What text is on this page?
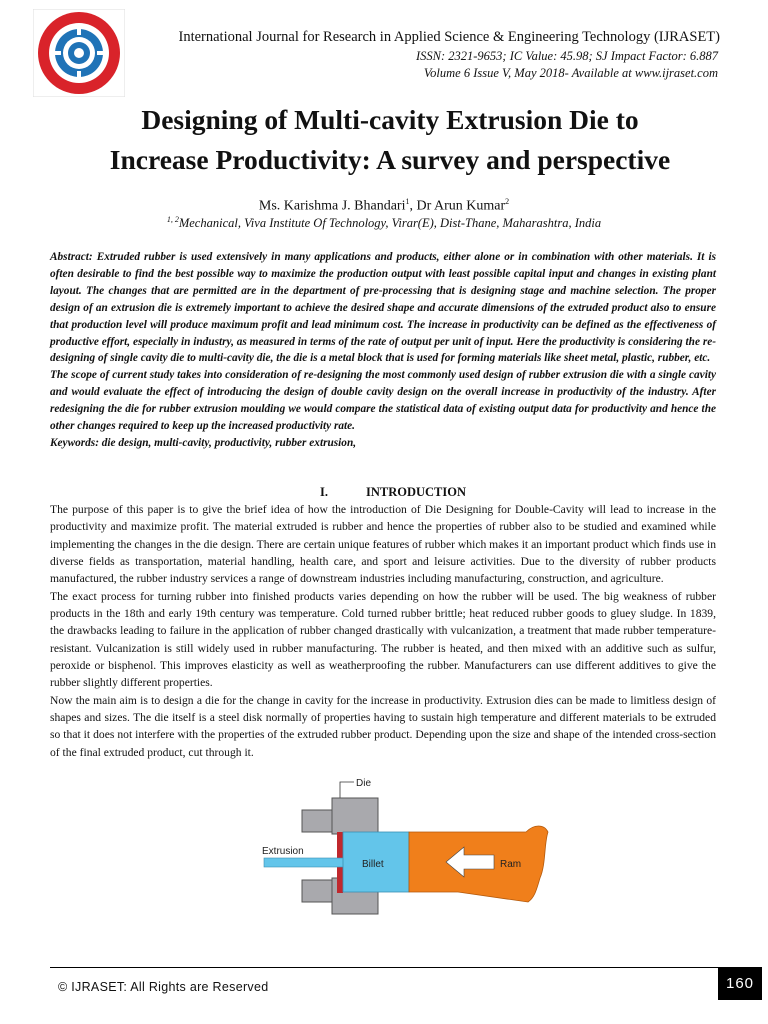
International Journal for Research in Applied Science & Engineering Technology (IJRASET)
ISSN: 2321-9653; IC Value: 45.98; SJ Impact Factor: 6.887
Volume 6 Issue V, May 2018- Available at www.ijraset.com
Designing of Multi-cavity Extrusion Die to
Increase Productivity: A survey and perspective
Ms. Karishma J. Bhandari$^1$, Dr Arun Kumar$^2$
$^{1, 2}$Mechanical, Viva Institute Of Technology, Virar(E), Dist-Thane, Maharashtra, India

Abstract: Extruded rubber is used extensively in many applications and products, either alone or in combination with other materials. It is often desirable to find the best possible way to maximize the production output with least possible capital input and changes in existing plant layout. The changes that are permitted are in the department of pre-processing that is designing stage and machine selection. The proper design of an extrusion die is extremely important to achieve the desired shape and accurate dimensions of the extruded product also to ensure that production level will produce maximum profit and lead minimum cost. The increase in productivity can be defined as the effectiveness of productive effort, especially in industry, as measured in terms of the rate of output per unit of input. Here the productivity is considering the re-designing of single cavity die to multi-cavity die, the die is a metal block that is used for forming materials like sheet metal, plastic, rubber, etc.

The scope of current study takes into consideration of re-designing the most commonly used design of rubber extrusion die with a single cavity and would evaluate the effect of introducing the design of double cavity design on the overall increase in productivity of the industry. After redesigning the die for rubber extrusion moulding we would compare the statistical data of existing output data for productivity and hence the other changes required to keep up the increased productivity rate.

Keywords: die design, multi-cavity, productivity, rubber extrusion,

I.	INTRODUCTION

The purpose of this paper is to give the brief idea of how the introduction of Die Designing for Double-Cavity will lead to increase in the productivity and maximize profit. The material extruded is rubber and hence the properties of rubber also to be studied and examined while implementing the changes in the die design. There are certain unique features of rubber which makes it an important product which finds use in diverse fields as transportation, material handling, health care, and sport and leisure activities. Due to the diversity of rubber products manufactured, the rubber industry services a range of downstream industries including manufacturing, construction, and agriculture.

The exact process for turning rubber into finished products varies depending on how the rubber will be used. The big weakness of rubber products in the 18th and early 19th century was temperature. Cold turned rubber brittle; heat reduced rubber goods to gluey sludge. In 1839, the drawbacks leading to failure in the application of rubber changed drastically with vulcanization, a treatment that made rubber temperature-resistant. Vulcanization is still widely used in rubber manufacturing. The rubber is heated, and then mixed with an additive such as sulfur, peroxide or bisphenol. This improves elasticity as well as weatherproofing the rubber. Manufacturers can use different additives to give the rubber slightly different properties.

Now the main aim is to design a die for the change in cavity for the increase in productivity. Extrusion dies can be made to limitless design of shapes and sizes. The die itself is a steel disk normally of properties having to sustain high temperature and different materials to be extruded so that it does not interfere with the properties of the extruded rubber product. Depending upon the size and shape of the intended cross-section of the final extruded product, cut through it.

Die
Extrusion
Billet	Ram
© IJRASET: All Rights are Reserved	160
